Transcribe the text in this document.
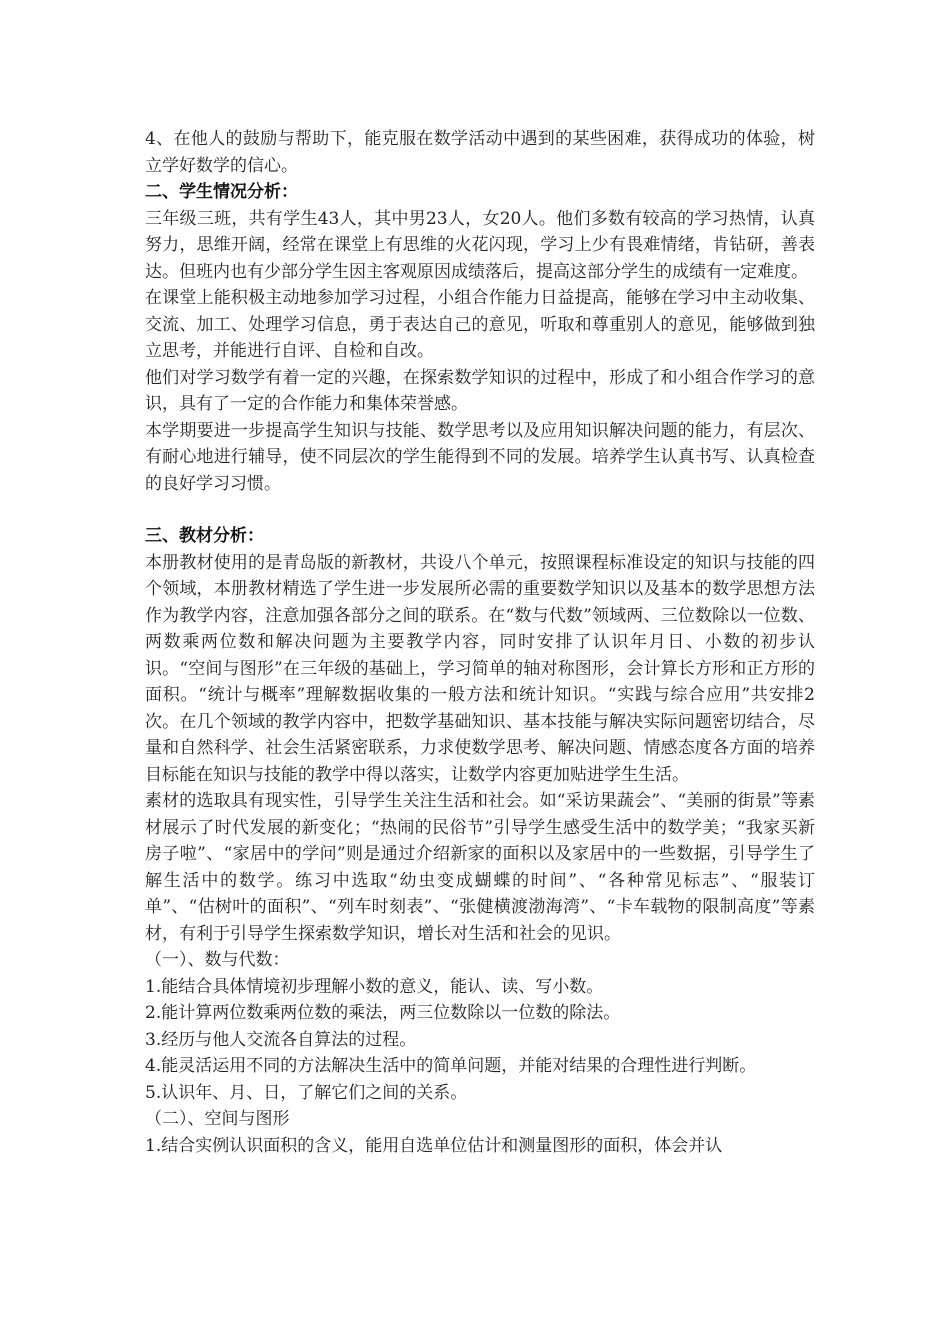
4、在他人的鼓励与帮助下，能克服在数学活动中遇到的某些困难，获得成功的体验，树立学好数学的信心。

二、学生情况分析：

三年级三班，共有学生43人，其中男23人，女20人。他们多数有较高的学习热情，认真努力，思维开阔，经常在课堂上有思维的火花闪现，学习上少有畏难情绪，肯钻研，善表达。但班内也有少部分学生因主客观原因成绩落后，提高这部分学生的成绩有一定难度。

在课堂上能积极主动地参加学习过程，小组合作能力日益提高，能够在学习中主动收集、交流、加工、处理学习信息，勇于表达自己的意见，听取和尊重别人的意见，能够做到独立思考，并能进行自评、自检和自改。

他们对学习数学有着一定的兴趣，在探索数学知识的过程中，形成了和小组合作学习的意识，具有了一定的合作能力和集体荣誉感。

本学期要进一步提高学生知识与技能、数学思考以及应用知识解决问题的能力，有层次、有耐心地进行辅导，使不同层次的学生能得到不同的发展。培养学生认真书写、认真检查的良好学习习惯。

三、教材分析：

本册教材使用的是青岛版的新教材，共设八个单元，按照课程标准设定的知识与技能的四个领域，本册教材精选了学生进一步发展所必需的重要数学知识以及基本的数学思想方法作为教学内容，注意加强各部分之间的联系。在“数与代数”领域两、三位数除以一位数、两数乘两位数和解决问题为主要教学内容，同时安排了认识年月日、小数的初步认识。“空间与图形”在三年级的基础上，学习简单的轴对称图形，会计算长方形和正方形的面积。“统计与概率”理解数据收集的一般方法和统计知识。“实践与综合应用”共安排2次。在几个领域的教学内容中，把数学基础知识、基本技能与解决实际问题密切结合，尽量和自然科学、社会生活紧密联系，力求使数学思考、解决问题、情感态度各方面的培养目标能在知识与技能的教学中得以落实，让数学内容更加贴进学生生活。

素材的选取具有现实性，引导学生关注生活和社会。如“采访果蔬会”、“美丽的街景”等素材展示了时代发展的新变化；“热闹的民俗节”引导学生感受生活中的数学美；“我家买新房子啦”、“家居中的学问”则是通过介绍新家的面积以及家居中的一些数据，引导学生了解生活中的数学。练习中选取“幼虫变成蝴蝶的时间”、“各种常见标志”、“服装订单”、“估树叶的面积”、“列车时刻表”、“张健横渡渤海湾”、“卡车载物的限制高度”等素材，有利于引导学生探索数学知识，增长对生活和社会的见识。

（一）、数与代数：

1.能结合具体情境初步理解小数的意义，能认、读、写小数。

2.能计算两位数乘两位数的乘法，两三位数除以一位数的除法。

3.经历与他人交流各自算法的过程。

4.能灵活运用不同的方法解决生活中的简单问题，并能对结果的合理性进行判断。

5.认识年、月、日，了解它们之间的关系。

（二）、空间与图形

1.结合实例认识面积的含义，能用自选单位估计和测量图形的面积，体会并认
